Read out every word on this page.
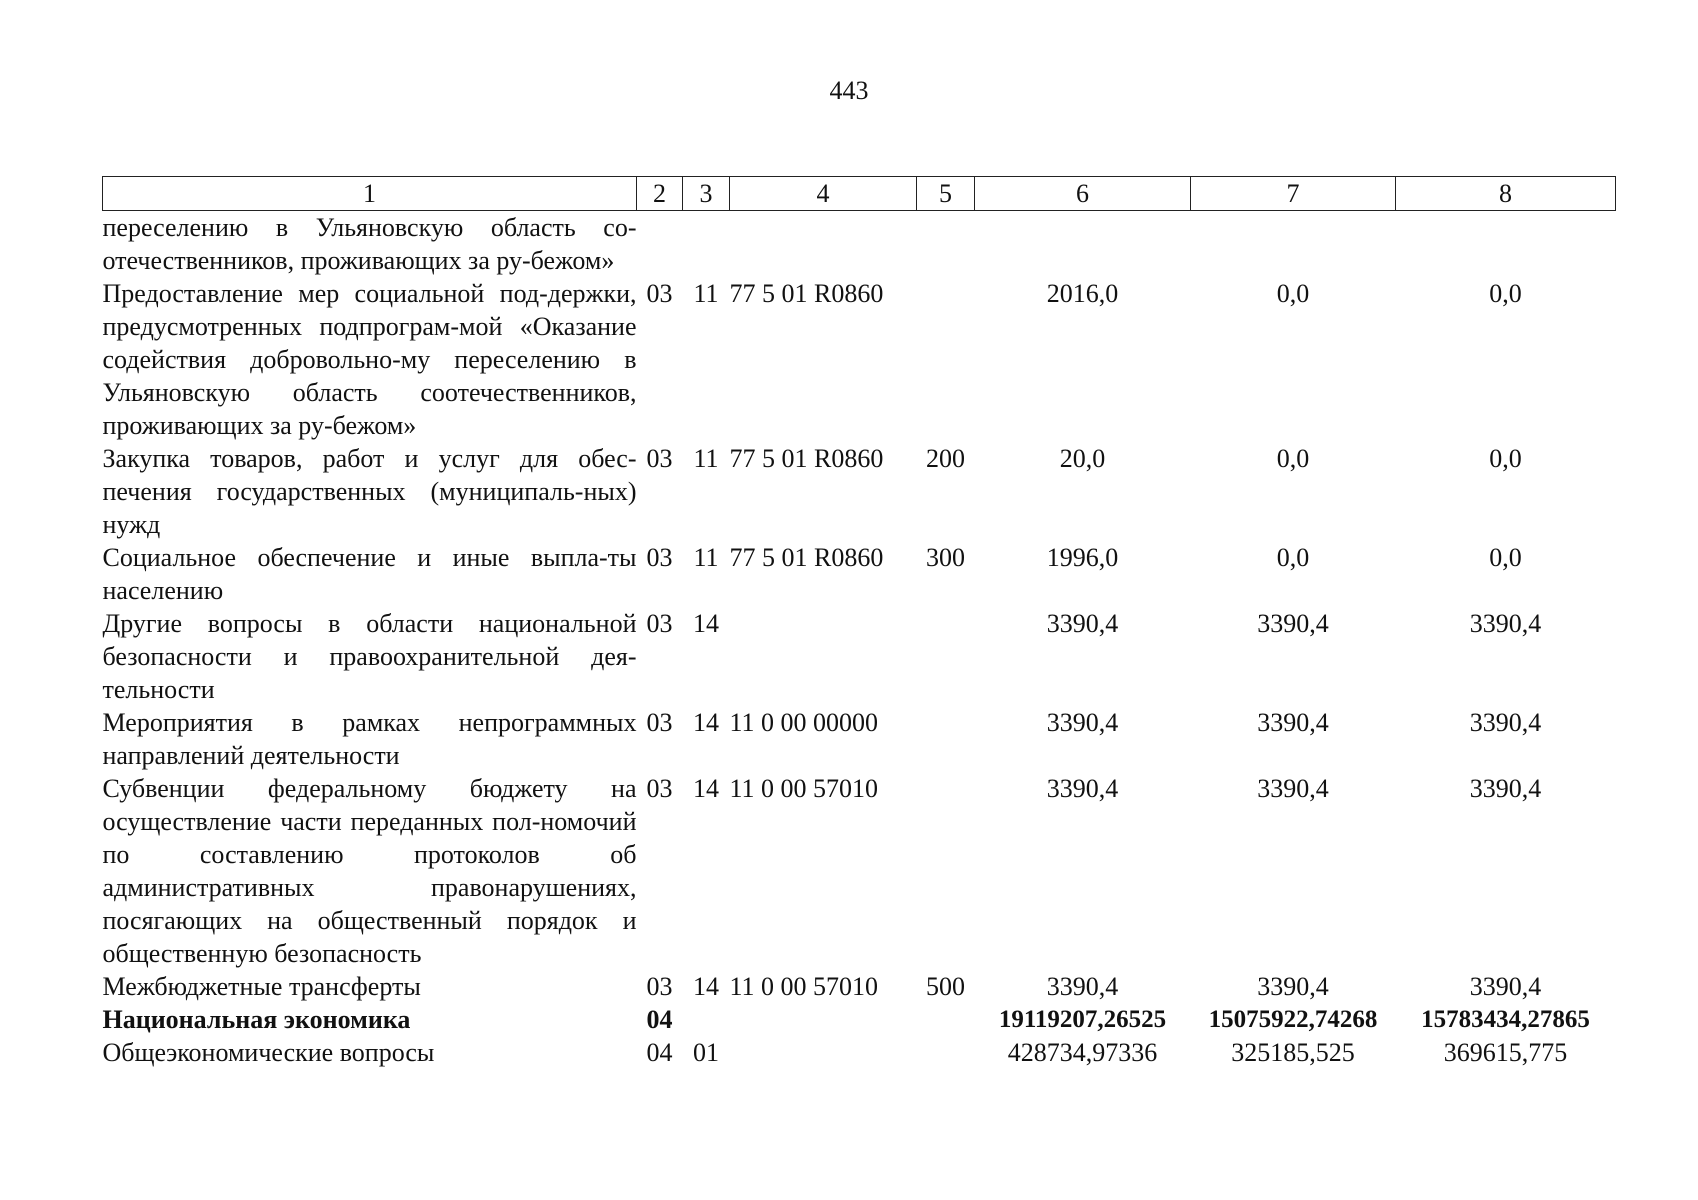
443
1	2	3	4	5	6	7	8
переселению в Ульяновскую область со-отечественников, проживающих за ру-бежом»							
Предоставление мер социальной под-держки, предусмотренных подпрограм-мой «Оказание содействия добровольно-му переселению в Ульяновскую область соотечественников, проживающих за ру-бежом»	03	11	77 5 01 R0860		2016,0	0,0	0,0
Закупка товаров, работ и услуг для обес-печения государственных (муниципаль-ных) нужд	03	11	77 5 01 R0860	200	20,0	0,0	0,0
Социальное обеспечение и иные выпла-ты населению	03	11	77 5 01 R0860	300	1996,0	0,0	0,0
Другие вопросы в области национальной безопасности и правоохранительной дея-тельности	03	14			3390,4	3390,4	3390,4
Мероприятия в рамках непрограммных направлений деятельности	03	14	11 0 00 00000		3390,4	3390,4	3390,4
Субвенции федеральному бюджету на осуществление части переданных пол-номочий по составлению протоколов об административных правонарушениях, посягающих на общественный порядок и общественную безопасность	03	14	11 0 00 57010		3390,4	3390,4	3390,4
Межбюджетные трансферты	03	14	11 0 00 57010	500	3390,4	3390,4	3390,4
Национальная экономика	04				19119207,26525	15075922,74268	15783434,27865
Общеэкономические вопросы	04	01			428734,97336	325185,525	369615,775
